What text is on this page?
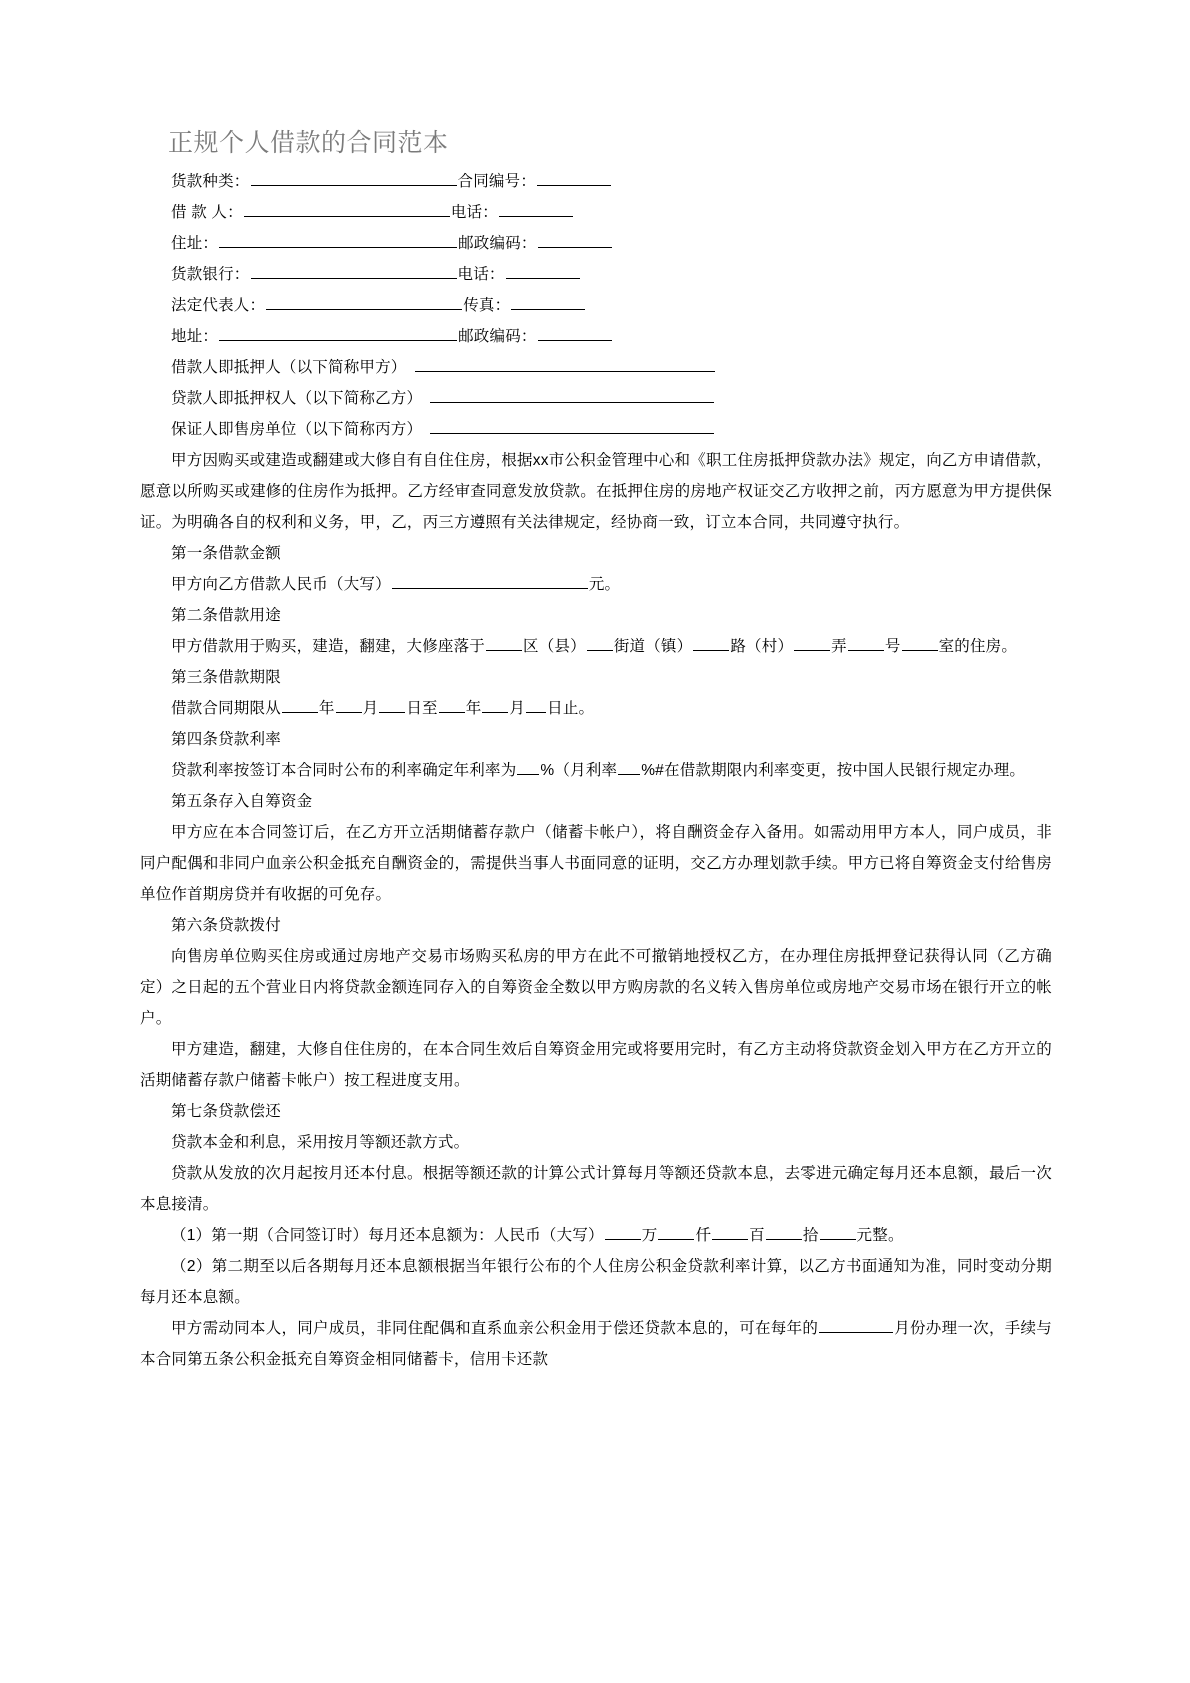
正规个人借款的合同范本
货款种类：	合同编号：
借 款 人：	电话：
住址：	邮政编码：
货款银行：	电话：
法定代表人：	传真：
地址：	邮政编码：
借款人即抵押人（以下简称甲方）
贷款人即抵押权人（以下简称乙方）
保证人即售房单位（以下简称丙方）

甲方因购买或建造或翻建或大修自有自住住房，根据xx市公积金管理中心和《职工住房抵押贷款办法》规定，向乙方申请借款，愿意以所购买或建修的住房作为抵押。乙方经审查同意发放贷款。在抵押住房的房地产权证交乙方收押之前，丙方愿意为甲方提供保证。为明确各自的权利和义务，甲，乙，丙三方遵照有关法律规定，经协商一致，订立本合同，共同遵守执行。

第一条借款金额
甲方向乙方借款人民币（大写）	元。
第二条借款用途

甲方借款用于购买，建造，翻建，大修座落于 区（县） 街道（镇） 路（村） 弄 号 室的住房。

第三条借款期限
借款合同期限从 年 月 日至 年 月 日止。
第四条贷款利率

贷款利率按签订本合同时公布的利率确定年利率为 %（月利率 %#在借款期限内利率变更，按中国人民银行规定办理。

第五条存入自筹资金

甲方应在本合同签订后，在乙方开立活期储蓄存款户（储蓄卡帐户），将自酬资金存入备用。如需动用甲方本人，同户成员，非同户配偶和非同户血亲公积金抵充自酬资金的，需提供当事人书面同意的证明，交乙方办理划款手续。甲方已将自筹资金支付给售房单位作首期房贷并有收据的可免存。

第六条贷款拨付

向售房单位购买住房或通过房地产交易市场购买私房的甲方在此不可撤销地授权乙方，在办理住房抵押登记获得认同（乙方确定）之日起的五个营业日内将贷款金额连同存入的自筹资金全数以甲方购房款的名义转入售房单位或房地产交易市场在银行开立的帐户。

甲方建造，翻建，大修自住住房的，在本合同生效后自筹资金用完或将要用完时，有乙方主动将贷款资金划入甲方在乙方开立的活期储蓄存款户储蓄卡帐户）按工程进度支用。

第七条贷款偿还
贷款本金和利息，采用按月等额还款方式。

贷款从发放的次月起按月还本付息。根据等额还款的计算公式计算每月等额还贷款本息，去零进元确定每月还本息额，最后一次本息接清。

（1）第一期（合同签订时）每月还本息额为：人民币（大写） 万 仟 百 拾 元整。

（2）第二期至以后各期每月还本息额根据当年银行公布的个人住房公积金贷款利率计算，以乙方书面通知为准，同时变动分期每月还本息额。

甲方需动同本人，同户成员，非同住配偶和直系血亲公积金用于偿还贷款本息的，可在每年的	月份办理一次，手续与本合同第五条公积金抵充自筹资金相同储蓄卡，信用卡还款
